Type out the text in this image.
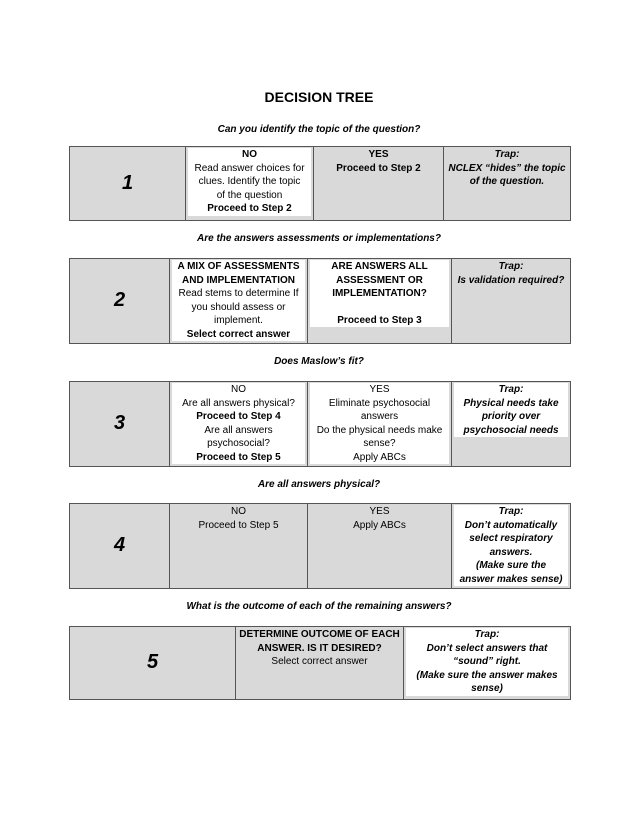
DECISION TREE
Can you identify the topic of the question?
1	
NO
Read answer choices for
clues. Identify the topic
of the question
Proceed to Step 2

YES
Proceed to Step 2

Trap:
NCLEX “hides” the topic
of the question.
Are the answers assessments or implementations?
2	
A MIX OF ASSESSMENTS
AND IMPLEMENTATION
Read stems to determine If
you should assess or
implement.
Select correct answer

ARE ANSWERS ALL
ASSESSMENT OR
IMPLEMENTATION?
Proceed to Step 3

Trap:
Is validation required?
Does Maslow’s fit?
3	
NO
Are all answers physical?
Proceed to Step 4
Are all answers
psychosocial?
Proceed to Step 5

YES
Eliminate psychosocial
answers
Do the physical needs make
sense?
Apply ABCs

Trap:
Physical needs take
priority over
psychosocial needs
Are all answers physical?
4	
NO
Proceed to Step 5

YES
Apply ABCs

Trap:
Don’t automatically
select respiratory
answers.
(Make sure the
answer makes sense)
What is the outcome of each of the remaining answers?
5	
DETERMINE OUTCOME OF EACH
ANSWER. IS IT DESIRED?
Select correct answer

Trap:
Don’t select answers that
“sound” right.
(Make sure the answer makes
sense)
